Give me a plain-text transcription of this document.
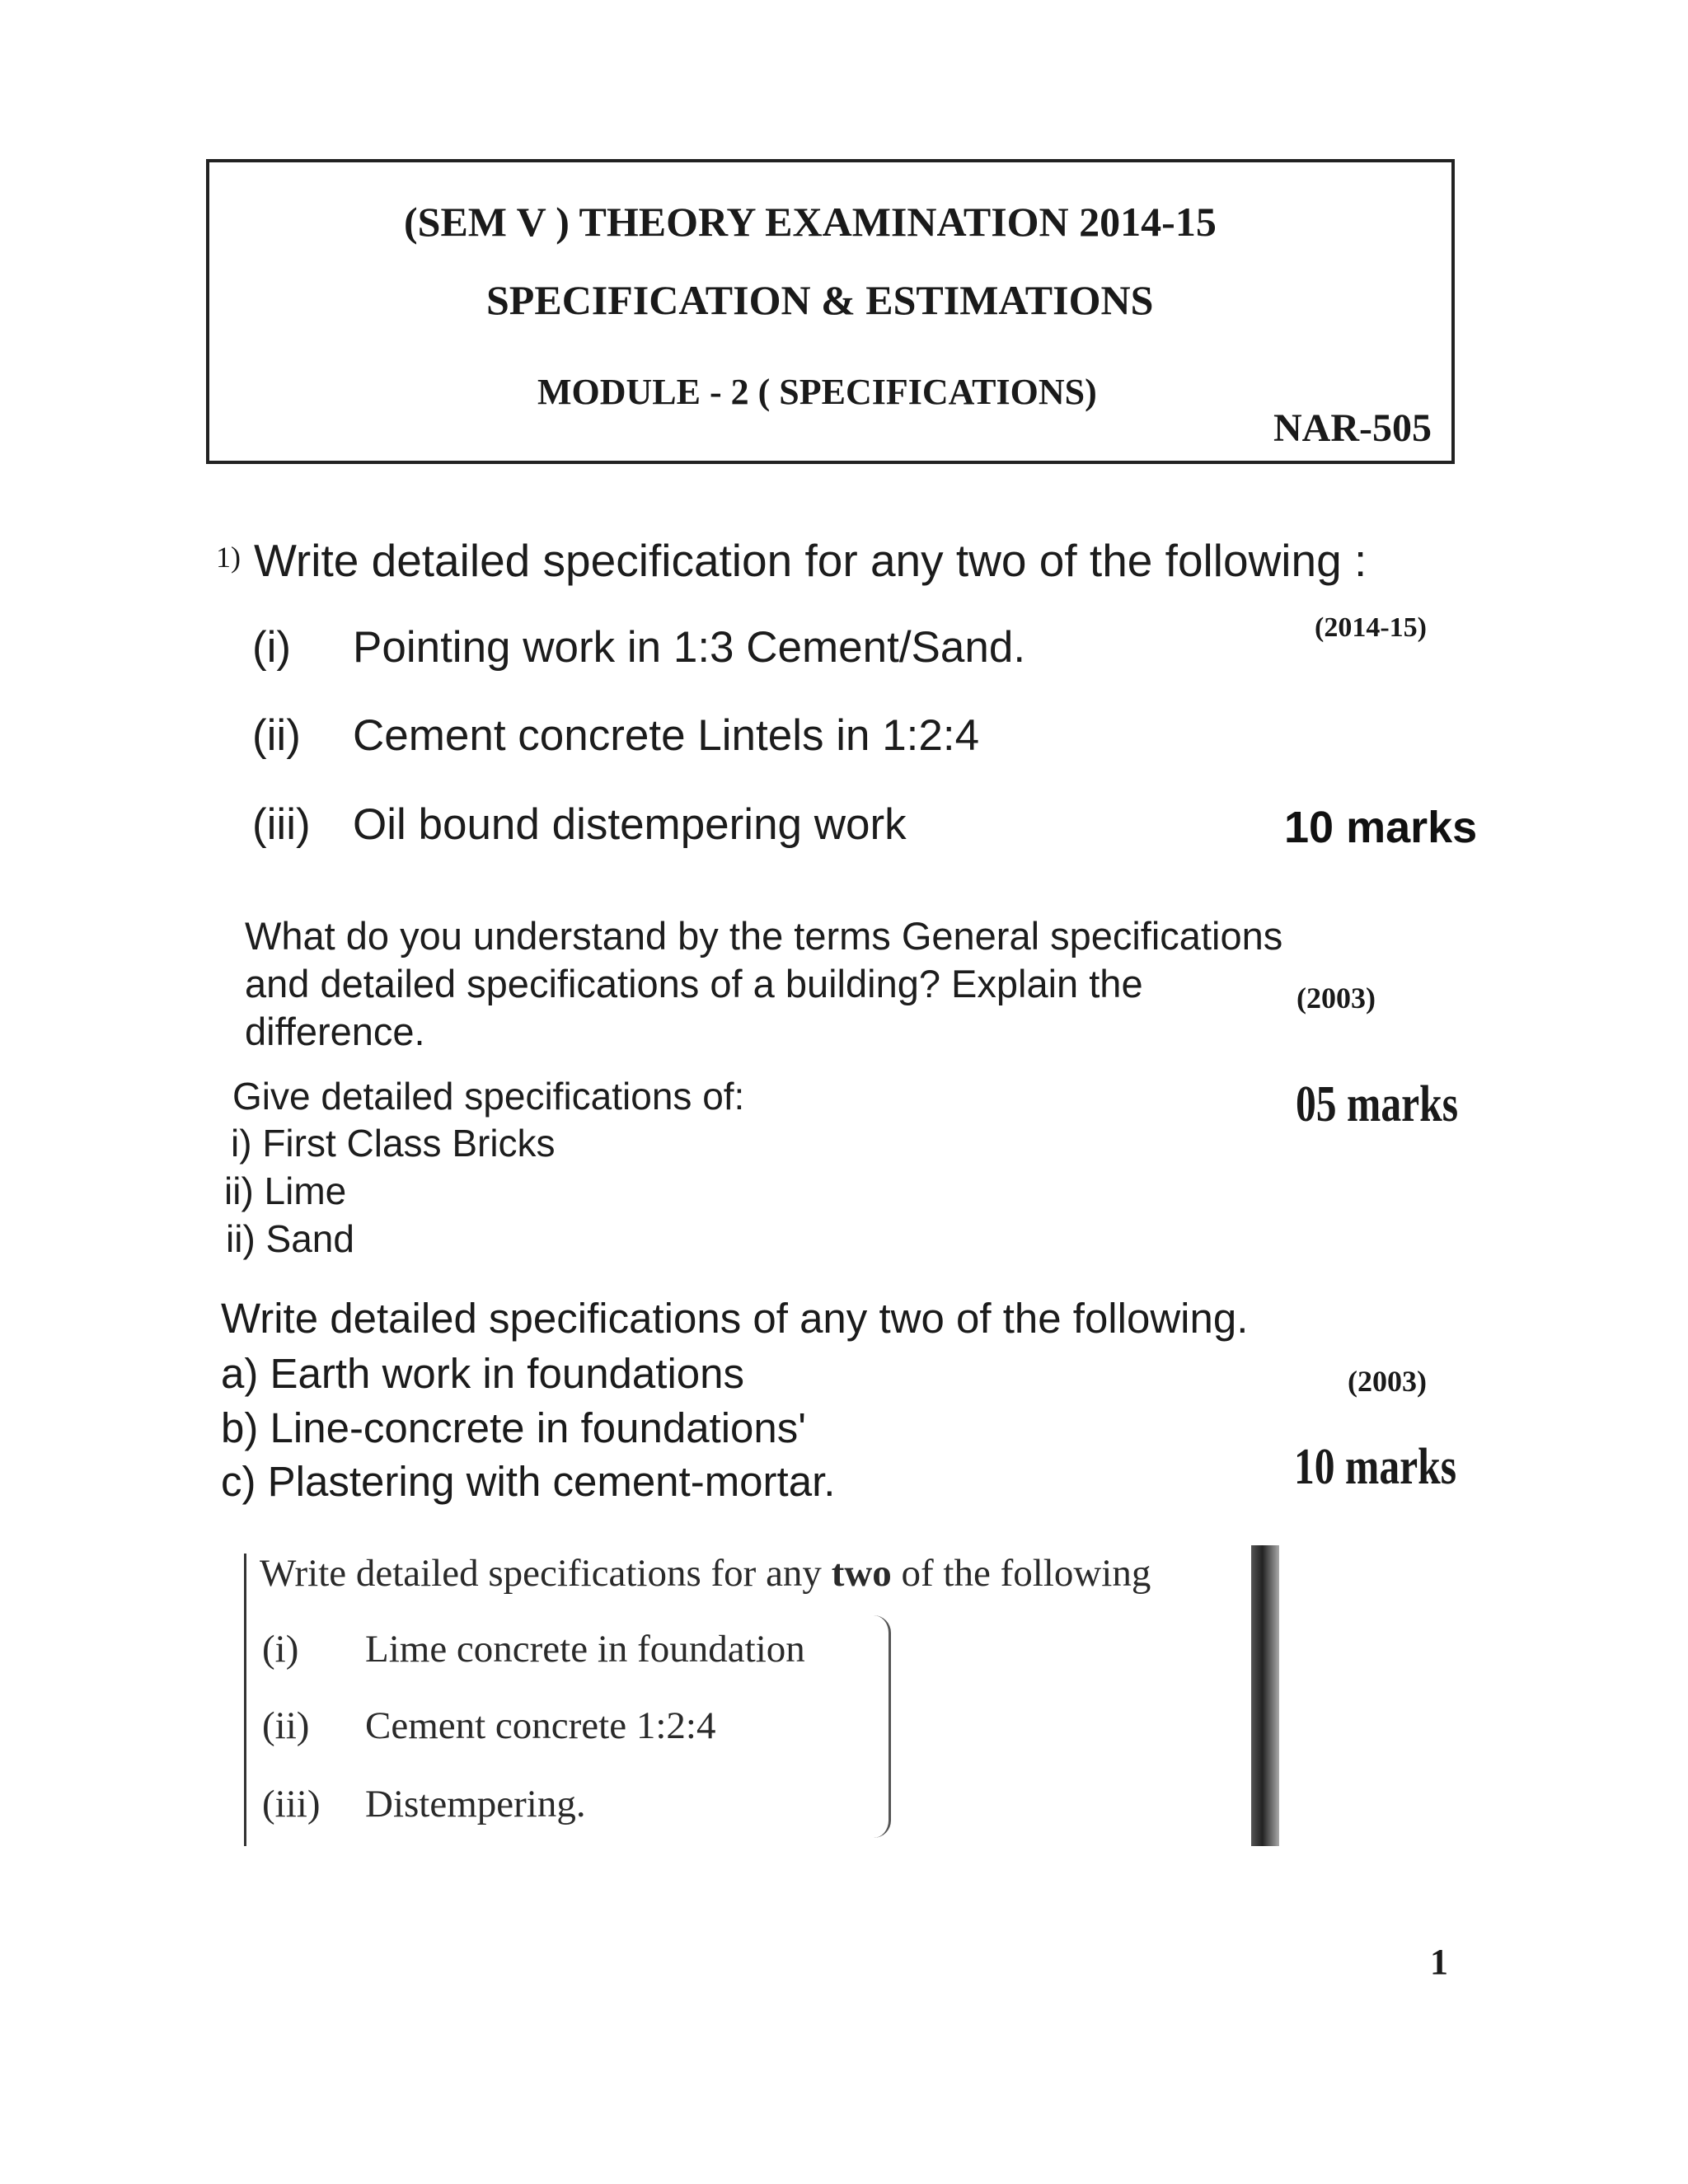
(SEM V ) THEORY EXAMINATION 2014-15
SPECIFICATION & ESTIMATIONS
MODULE - 2 ( SPECIFICATIONS)
NAR-505
1) Write detailed specification for any two of the following :
(2014-15)
(i) Pointing work in 1:3 Cement/Sand.
(ii) Cement concrete Lintels in 1:2:4
(iii) Oil bound distempering work	10 marks
What do you understand by the terms General specifications
and detailed specifications of a building? Explain the
difference.
(2003)
Give detailed specifications of:
i) First Class Bricks
ii) Lime
ii) Sand
05 marks
Write detailed specifications of any two of the following.
a) Earth work in foundations
b) Line-concrete in foundations'
c) Plastering with cement-mortar.
(2003)
10 marks
Write detailed specifications for any two of the following
(i) Lime concrete in foundation
(ii) Cement concrete 1:2:4
(iii) Distempering.
1
